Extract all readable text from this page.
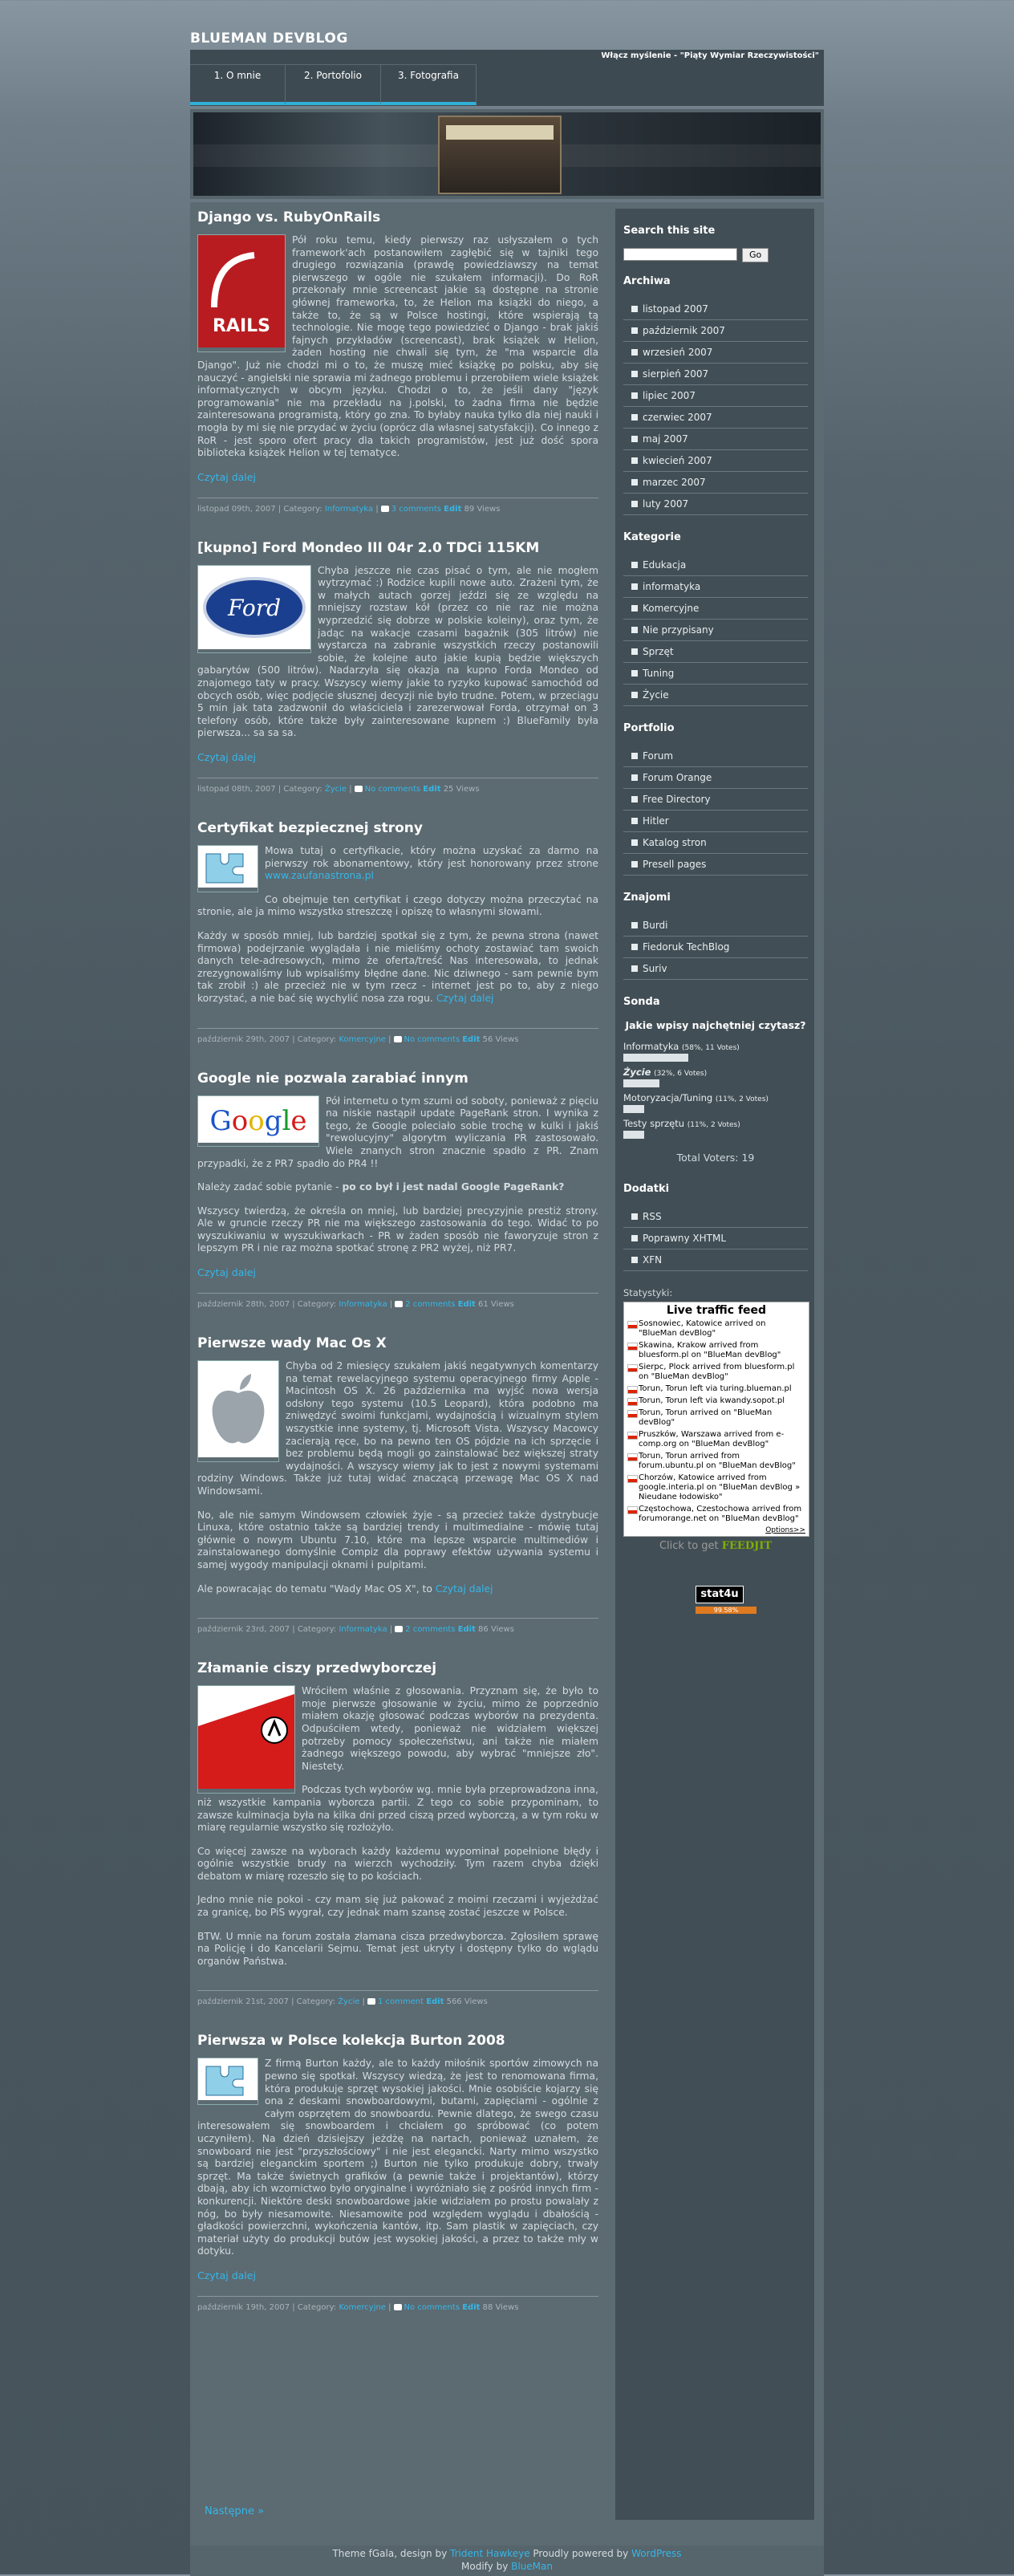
BLUEMAN DEVBLOG
Włącz myślenie - "Piąty Wymiar Rzeczywistości"
1. O mnie	2. Portofolio	3. Fotografia
Django vs. RubyOnRails
RAILS

Pół roku temu, kiedy pierwszy raz usłyszałem o tych framework'ach postanowiłem zagłębić się w tajniki tego drugiego rozwiązania (prawdę powiedziawszy na temat pierwszego w ogóle nie szukałem informacji). Do RoR przekonały mnie screencast jakie są dostępne na stronie głównej frameworka, to, że Helion ma książki do niego, a także to, że są w Polsce hostingi, które wspierają tą technologie. Nie mogę tego powiedzieć o Django - brak jakiś fajnych przykładów (screencast), brak książek w Helion, żaden hosting nie chwali się tym, że "ma wsparcie dla Django". Już nie chodzi mi o to, że muszę mieć książkę po polsku, aby się nauczyć - angielski nie sprawia mi żadnego problemu i przerobiłem wiele książek informatycznych w obcym języku. Chodzi o to, że jeśli dany "język programowania" nie ma przekładu na j.polski, to żadna firma nie będzie zainteresowana programistą, który go zna. To byłaby nauka tylko dla niej nauki i mogła by mi się nie przydać w życiu (oprócz dla własnej satysfakcji). Co innego z RoR - jest sporo ofert pracy dla takich programistów, jest już dość spora biblioteka książek Helion w tej tematyce.

Czytaj dalej
listopad 09th, 2007 | Category: Informatyka | 3 comments Edit 89 Views
[kupno] Ford Mondeo III 04r 2.0 TDCi 115KM
Ford

Chyba jeszcze nie czas pisać o tym, ale nie mogłem wytrzymać :) Rodzice kupili nowe auto. Zrażeni tym, że w małych autach gorzej jeździ się ze względu na mniejszy rozstaw kół (przez co nie raz nie można wyprzedzić się dobrze w polskie koleiny), oraz tym, że jadąc na wakacje czasami bagażnik (305 litrów) nie wystarcza na zabranie wszystkich rzeczy postanowili sobie, że kolejne auto jakie kupią będzie większych gabarytów (500 litrów). Nadarzyła się okazja na kupno Forda Mondeo od znajomego taty w pracy. Wszyscy wiemy jakie to ryzyko kupować samochód od obcych osób, więc podjęcie słusznej decyzji nie było trudne. Potem, w przeciągu 5 min jak tata zadzwonił do właściciela i zarezerwował Forda, otrzymał on 3 telefony osób, które także były zainteresowane kupnem :) BlueFamily była pierwsza... sa sa sa.

Czytaj dalej
listopad 08th, 2007 | Category: Życie | No comments Edit 25 Views
Certyfikat bezpiecznej strony

Mowa tutaj o certyfikacie, który można uzyskać za darmo na pierwszy rok abonamentowy, który jest honorowany przez strone www.zaufanastrona.pl

Co obejmuje ten certyfikat i czego dotyczy można przeczytać na stronie, ale ja mimo wszystko streszczę i opiszę to własnymi słowami.

Każdy w sposób mniej, lub bardziej spotkał się z tym, że pewna strona (nawet firmowa) podejrzanie wyglądała i nie mieliśmy ochoty zostawiać tam swoich danych tele-adresowych, mimo że oferta/treść Nas interesowała, to jednak zrezygnowaliśmy lub wpisaliśmy błędne dane. Nic dziwnego - sam pewnie bym tak zrobił :) ale przecież nie w tym rzecz - internet jest po to, aby z niego korzystać, a nie bać się wychylić nosa zza rogu. Czytaj dalej

październik 29th, 2007 | Category: Komercyjne | No comments Edit 56 Views
Google nie pozwala zarabiać innym
Google

Pół internetu o tym szumi od soboty, ponieważ z pięciu na niskie nastąpił update PageRank stron. I wynika z tego, że Google poleciało sobie trochę w kulki i jakiś "rewolucyjny" algorytm wyliczania PR zastosowało. Wiele znanych stron znacznie spadło z PR. Znam przypadki, że z PR7 spadło do PR4 !!

Należy zadać sobie pytanie - po co był i jest nadal Google PageRank?

Wszyscy twierdzą, że określa on mniej, lub bardziej precyzyjnie prestiż strony. Ale w gruncie rzeczy PR nie ma większego zastosowania do tego. Widać to po wyszukiwaniu w wyszukiwarkach - PR w żaden sposób nie faworyzuje stron z lepszym PR i nie raz można spotkać stronę z PR2 wyżej, niż PR7.

Czytaj dalej
październik 28th, 2007 | Category: Informatyka | 2 comments Edit 61 Views
Pierwsze wady Mac Os X

Chyba od 2 miesięcy szukałem jakiś negatywnych komentarzy na temat rewelacyjnego systemu operacyjnego firmy Apple - Macintosh OS X. 26 października ma wyjść nowa wersja odsłony tego systemu (10.5 Leopard), która podobno ma zniwędzyć swoimi funkcjami, wydajnością i wizualnym stylem wszystkie inne systemy, tj. Microsoft Vista. Wszyscy Macowcy zacierają ręce, bo na pewno ten OS pójdzie na ich sprzęcie i bez problemu będą mogli go zainstalować bez większej straty wydajności. A wszyscy wiemy jak to jest z nowymi systemami rodziny Windows. Także już tutaj widać znaczącą przewagę Mac OS X nad Windowsami.

No, ale nie samym Windowsem człowiek żyje - są przecież także dystrybucje Linuxa, które ostatnio także są bardziej trendy i multimedialne - mówię tutaj głównie o nowym Ubuntu 7.10, które ma lepsze wsparcie multimediów i zainstalowanego domyślnie Compiz dla poprawy efektów używania systemu i samej wygody manipulacji oknami i pulpitami.

Ale powracając do tematu "Wady Mac OS X", to Czytaj dalej

październik 23rd, 2007 | Category: Informatyka | 2 comments Edit 86 Views
Złamanie ciszy przedwyborczej

Wróciłem właśnie z głosowania. Przyznam się, że było to moje pierwsze głosowanie w życiu, mimo że poprzednio miałem okazję głosować podczas wyborów na prezydenta. Odpuściłem wtedy, ponieważ nie widziałem większej potrzeby pomocy społeczeństwu, ani także nie miałem żadnego większego powodu, aby wybrać "mniejsze zło". Niestety.

Podczas tych wyborów wg. mnie była przeprowadzona inna, niż wszystkie kampania wyborcza partii. Z tego co sobie przypominam, to zawsze kulminacja była na kilka dni przed ciszą przed wyborczą, a w tym roku w miarę regularnie wszystko się rozłożyło.

Co więcej zawsze na wyborach każdy każdemu wypominał popełnione błędy i ogólnie wszystkie brudy na wierzch wychodziły. Tym razem chyba dzięki debatom w miarę rozeszło się to po kościach.

Jedno mnie nie pokoi - czy mam się już pakować z moimi rzeczami i wyjeżdżać za granicę, bo PiS wygrał, czy jednak mam szansę zostać jeszcze w Polsce.

BTW. U mnie na forum została złamana cisza przedwyborcza. Zgłosiłem sprawę na Policję i do Kancelarii Sejmu. Temat jest ukryty i dostępny tylko do wglądu organów Państwa.

październik 21st, 2007 | Category: Życie | 1 comment Edit 566 Views
Pierwsza w Polsce kolekcja Burton 2008

Z firmą Burton każdy, ale to każdy miłośnik sportów zimowych na pewno się spotkał. Wszyscy wiedzą, że jest to renomowana firma, która produkuje sprzęt wysokiej jakości. Mnie osobiście kojarzy się ona z deskami snowboardowymi, butami, zapięciami - ogólnie z całym osprzętem do snowboardu. Pewnie dlatego, że swego czasu interesowałem się snowboardem i chciałem go spróbować (co potem uczyniłem). Na dzień dzisiejszy jeżdżę na nartach, ponieważ uznałem, że snowboard nie jest "przyszłościowy" i nie jest elegancki. Narty mimo wszystko są bardziej eleganckim sportem ;) Burton nie tylko produkuje dobry, trwały sprzęt. Ma także świetnych grafików (a pewnie także i projektantów), którzy dbają, aby ich wzornictwo było oryginalne i wyróżniało się z pośród innych firm - konkurencji. Niektóre deski snowboardowe jakie widziałem po prostu powalały z nóg, bo były niesamowite. Niesamowite pod względem wyglądu i dbałością - gładkości powierzchni, wykończenia kantów, itp. Sam plastik w zapięciach, czy materiał użyty do produkcji butów jest wysokiej jakości, a przez to także mły w dotyku.

Czytaj dalej
październik 19th, 2007 | Category: Komercyjne | No comments Edit 88 Views
Search this site
Go
Archiwa
listopad 2007
październik 2007
wrzesień 2007
sierpień 2007
lipiec 2007
czerwiec 2007
maj 2007
kwiecień 2007
marzec 2007
luty 2007
Kategorie
Edukacja
informatyka
Komercyjne
Nie przypisany
Sprzęt
Tuning
Życie
Portfolio
Forum
Forum Orange
Free Directory
Hitler
Katalog stron
Presell pages
Znajomi
Burdi
Fiedoruk TechBlog
Suriv
Sonda
Jakie wpisy najchętniej czytasz?
Informatyka (58%, 11 Votes)
Życie (32%, 6 Votes)
Motoryzacja/Tuning (11%, 2 Votes)
Testy sprzętu (11%, 2 Votes)
Total Voters: 19
Dodatki
RSS
Poprawny XHTML
XFN
Statystyki:
Live traffic feed
Sosnowiec, Katowice arrived on "BlueMan devBlog"
Skawina, Krakow arrived from bluesform.pl on "BlueMan devBlog"
Sierpc, Plock arrived from bluesform.pl on "BlueMan devBlog"
Torun, Torun left via turing.blueman.pl
Torun, Torun left via kwandy.sopot.pl
Torun, Torun arrived on "BlueMan devBlog"
Pruszków, Warszawa arrived from e-comp.org on "BlueMan devBlog"
Torun, Torun arrived from forum.ubuntu.pl on "BlueMan devBlog"
Chorzów, Katowice arrived from google.interia.pl on "BlueMan devBlog » Nieudane łodowisko"
Częstochowa, Czestochowa arrived from forumorange.net on "BlueMan devBlog"
Options>>
Click to get FEEDJIT
stat4u
99.58%
Następne »
Theme fGala, design by Trident Hawkeye Proudly powered by WordPress
Modify by BlueMan
